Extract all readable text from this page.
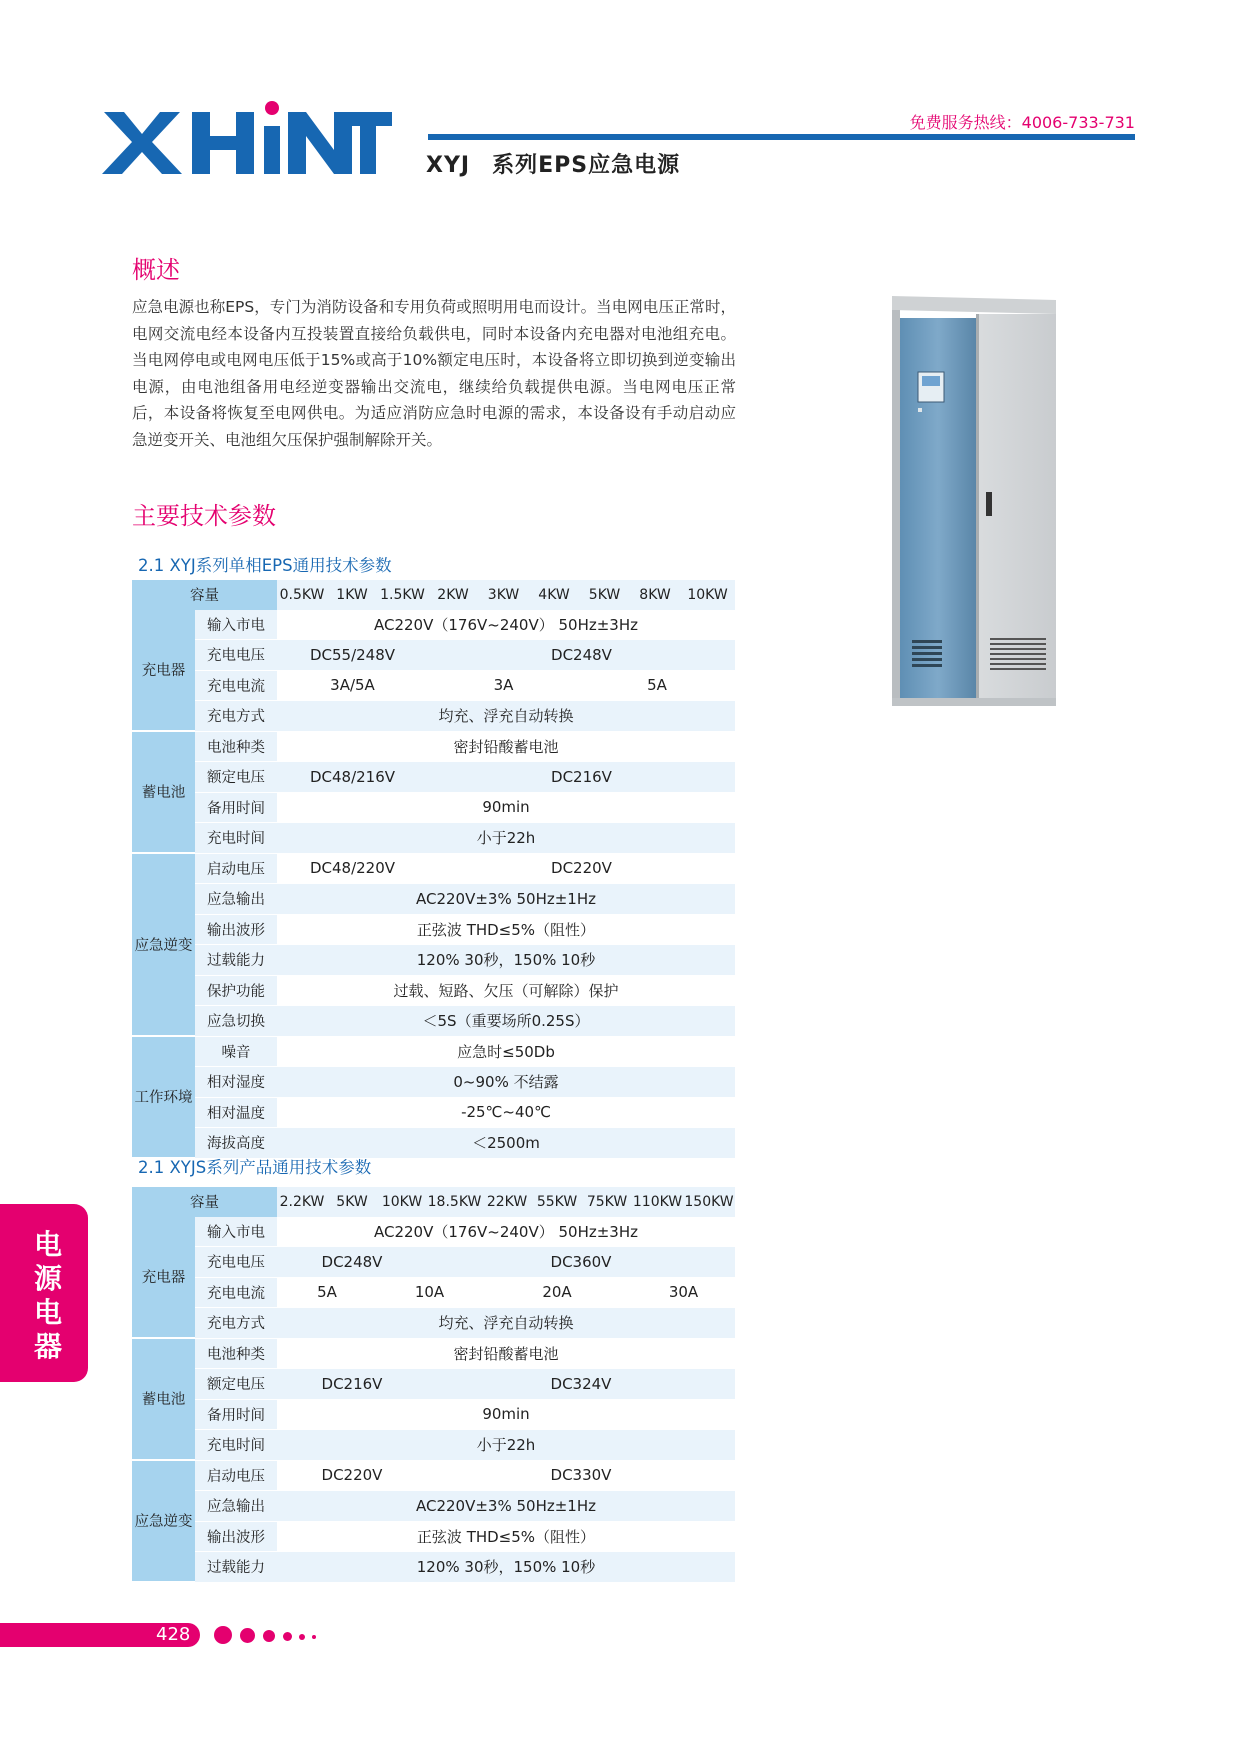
免费服务热线：4006-733-731
XYJ 系列EPS应急电源
概述
应急电源也称EPS，专门为消防设备和专用负荷或照明用电而设计。当电网电压正常时，电网交流电经本设备内互投装置直接给负载供电，同时本设备内充电器对电池组充电。当电网停电或电网电压低于15%或高于10%额定电压时，本设备将立即切换到逆变输出电源，由电池组备用电经逆变器输出交流电，继续给负载提供电源。当电网电压正常后，本设备将恢复至电网供电。为适应消防应急时电源的需求，本设备设有手动启动应急逆变开关、电池组欠压保护强制解除开关。
主要技术参数
2.1 XYJ系列单相EPS通用技术参数
容量		0.5KW	1KW	1.5KW	2KW	3KW	4KW	5KW	8KW	10KW
充电器	输入市电	AC220V（176V~240V） 50Hz±3Hz								
	充电电压	DC55/248V			DC248V					
	充电电流	3A/5A			3A			5A		
	充电方式	均充、浮充自动转换								
蓄电池	电池种类	密封铅酸蓄电池								
	额定电压	DC48/216V			DC216V					
	备用时间	90min								
	充电时间	小于22h								
应急逆变	启动电压	DC48/220V			DC220V					
	应急输出	AC220V±3% 50Hz±1Hz								
	输出波形	正弦波 THD≤5%（阻性）								
	过载能力	120% 30秒，150% 10秒								
	保护功能	过载、短路、欠压（可解除）保护								
	应急切换	＜5S（重要场所0.25S）								
工作环境	噪音	应急时≤50Db								
	相对湿度	0~90% 不结露								
	相对温度	-25℃~40℃								
	海拔高度	＜2500m								
2.1 XYJS系列产品通用技术参数
容量		2.2KW	5KW	10KW	18.5KW	22KW	55KW	75KW	110KW	150KW
充电器	输入市电	AC220V（176V~240V） 50Hz±3Hz								
	充电电压	DC248V			DC360V					
	充电电流	5A		10A		20A			30A	
	充电方式	均充、浮充自动转换								
蓄电池	电池种类	密封铅酸蓄电池								
	额定电压	DC216V			DC324V					
	备用时间	90min								
	充电时间	小于22h								
应急逆变	启动电压	DC220V			DC330V					
	应急输出	AC220V±3% 50Hz±1Hz								
	输出波形	正弦波 THD≤5%（阻性）								
	过载能力	120% 30秒，150% 10秒								
电源电器
428
